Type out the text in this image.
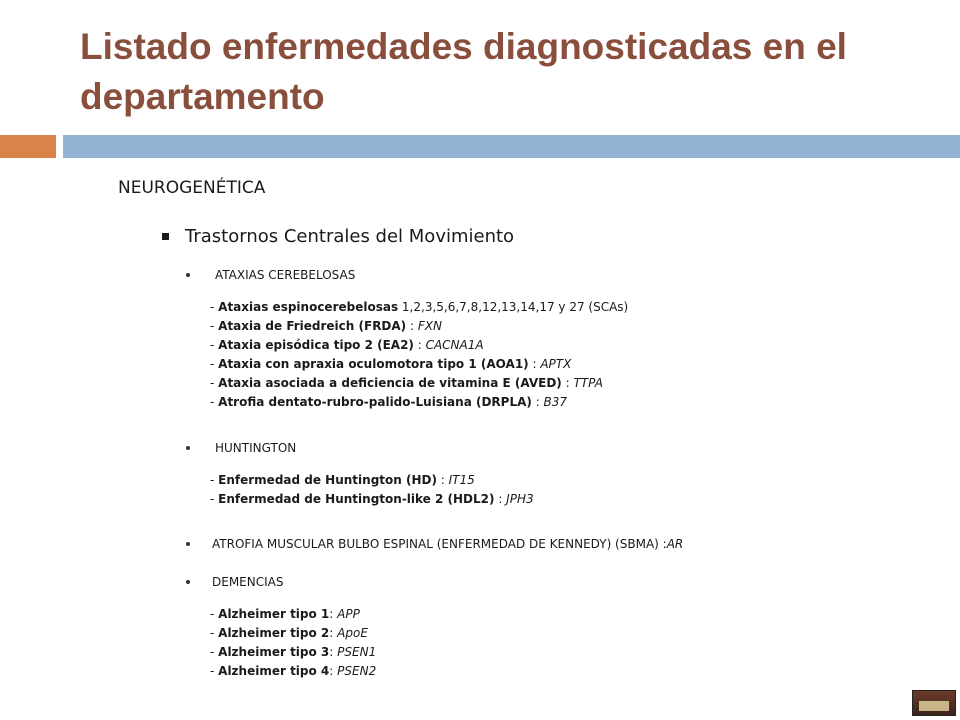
Listado enfermedades diagnosticadas en el departamento

NEUROGENÉTICA

Trastornos Centrales del Movimiento
ATAXIAS CEREBELOSAS
- Ataxias espinocerebelosas 1,2,3,5,6,7,8,12,13,14,17 y 27 (SCAs)
- Ataxia de Friedreich (FRDA) : FXN
- Ataxia episódica tipo 2 (EA2) : CACNA1A
- Ataxia con apraxia oculomotora tipo 1 (AOA1) : APTX
- Ataxia asociada a deficiencia de vitamina E (AVED) : TTPA
- Atrofia dentato-rubro-palido-Luisiana (DRPLA) : B37
HUNTINGTON
- Enfermedad de Huntington (HD) : IT15
- Enfermedad de Huntington-like 2 (HDL2) : JPH3
ATROFIA MUSCULAR BULBO ESPINAL (ENFERMEDAD DE KENNEDY) (SBMA) : AR
DEMENCIAS
- Alzheimer tipo 1: APP
- Alzheimer tipo 2: ApoE
- Alzheimer tipo 3: PSEN1
- Alzheimer tipo 4: PSEN2
